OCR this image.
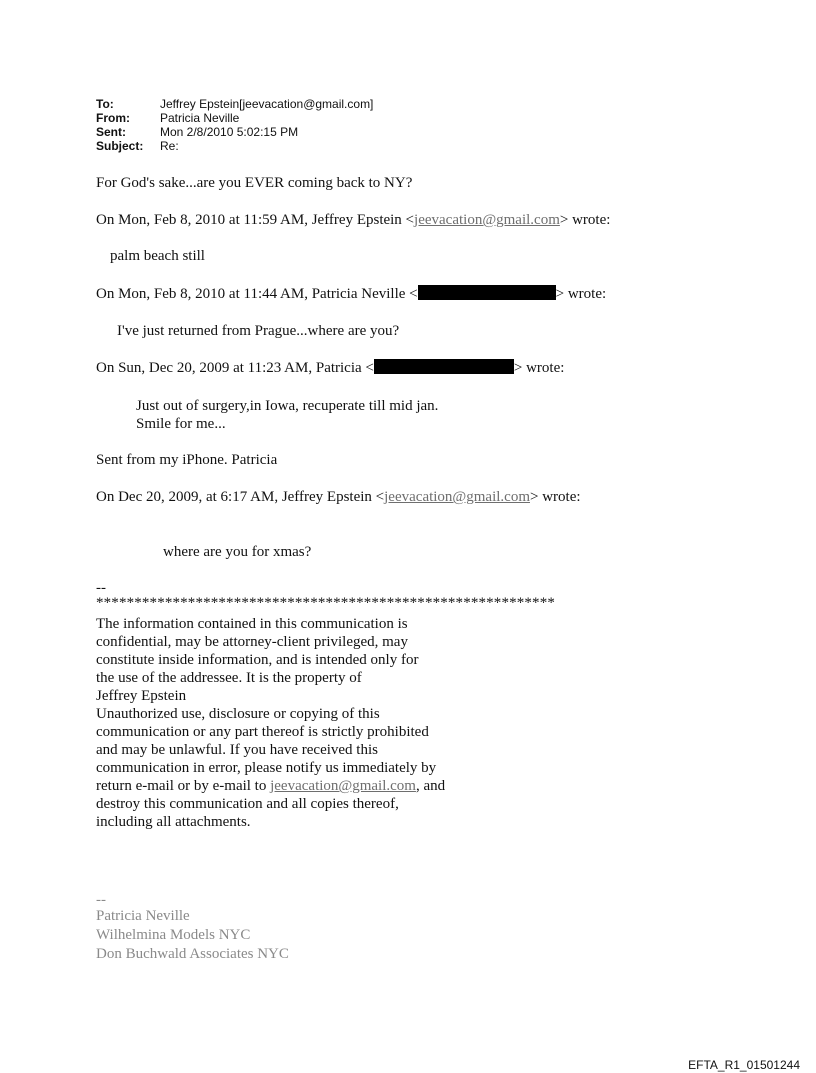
To:	Jeffrey Epstein[jeevacation@gmail.com]
From:	Patricia Neville
Sent:	Mon 2/8/2010 5:02:15 PM
Subject:	Re:
For God's sake...are you EVER coming back to NY?
On Mon, Feb 8, 2010 at 11:59 AM, Jeffrey Epstein <jeevacation@gmail.com> wrote:
palm beach still
On Mon, Feb 8, 2010 at 11:44 AM, Patricia Neville <	> wrote:
I've just returned from Prague...where are you?
On Sun, Dec 20, 2009 at 11:23 AM, Patricia <	> wrote:
Just out of surgery,in Iowa, recuperate till mid jan.
Smile for me...
Sent from my iPhone. Patricia
On Dec 20, 2009, at 6:17 AM, Jeffrey Epstein <jeevacation@gmail.com> wrote:
where are you for xmas?
--
************************************************************
The information contained in this communication is
confidential, may be attorney-client privileged, may
constitute inside information, and is intended only for
the use of the addressee. It is the property of
Jeffrey Epstein
Unauthorized use, disclosure or copying of this
communication or any part thereof is strictly prohibited
and may be unlawful. If you have received this
communication in error, please notify us immediately by
return e-mail or by e-mail to jeevacation@gmail.com, and
destroy this communication and all copies thereof,
including all attachments.
--
Patricia Neville
Wilhelmina Models NYC
Don Buchwald Associates NYC
EFTA_R1_01501244
